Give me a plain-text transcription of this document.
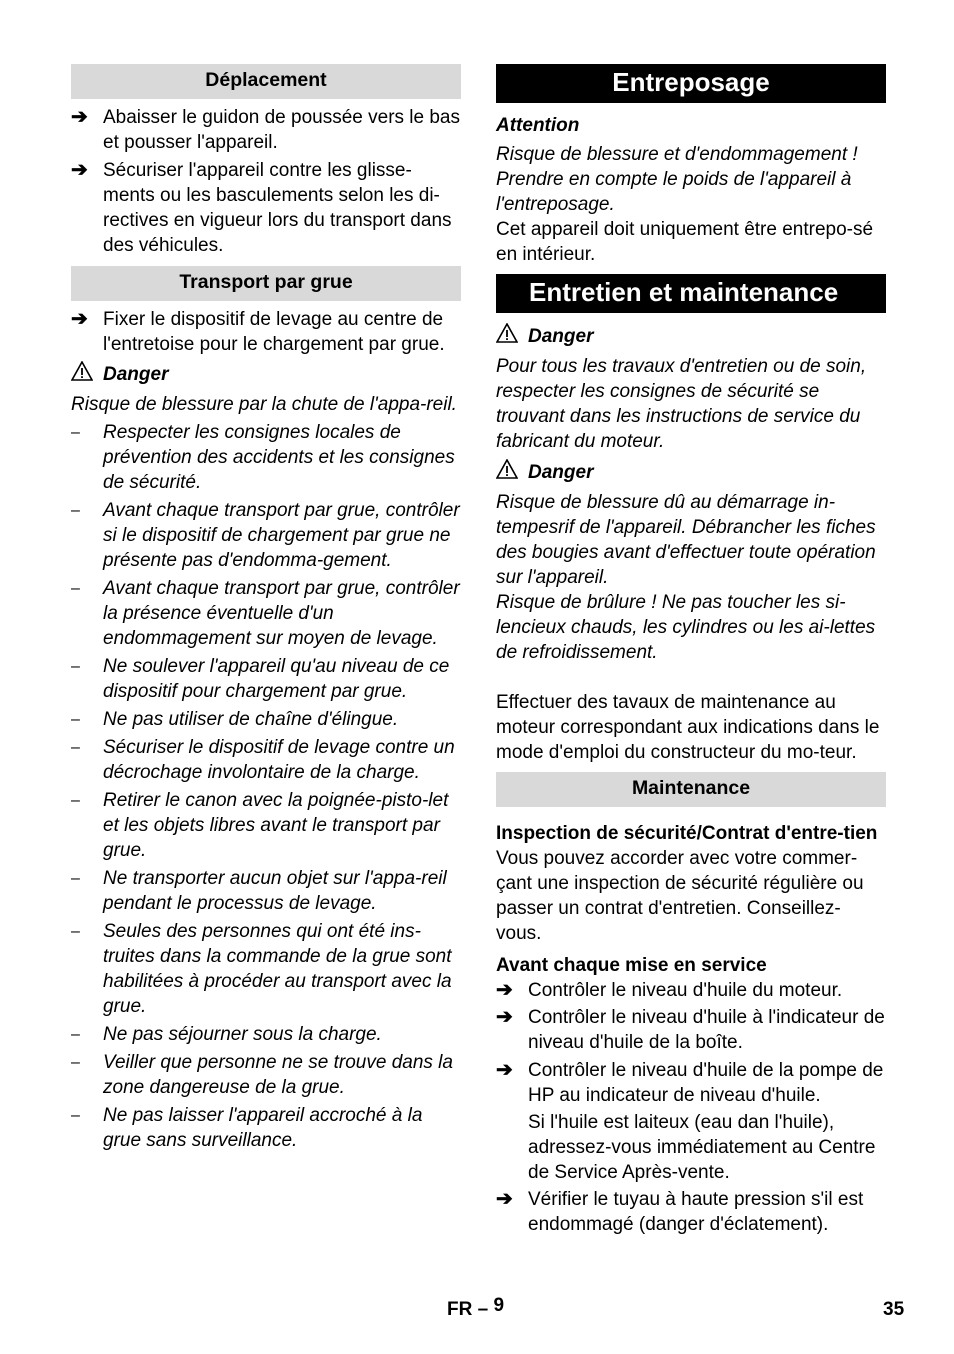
Déplacement
➔ Abaisser le guidon de poussée vers le bas et pousser l'appareil.
➔ Sécuriser l'appareil contre les glisse-ments ou les basculements selon les di-rectives en vigueur lors du transport dans des véhicules.
Transport par grue
➔ Fixer le dispositif de levage au centre de l'entretoise pour le chargement par grue.
Danger
Risque de blessure par la chute de l'appa-reil.
–	Respecter les consignes locales de prévention des accidents et les consignes de sécurité.
–	Avant chaque transport par grue, contrôler si le dispositif de chargement par grue ne présente pas d'endomma-gement.
–	Avant chaque transport par grue, contrôler la présence éventuelle d'un endommagement sur moyen de levage.
–	Ne soulever l'appareil qu'au niveau de ce dispositif pour chargement par grue.
–	Ne pas utiliser de chaîne d'élingue.
–	Sécuriser le dispositif de levage contre un décrochage involontaire de la charge.
–	Retirer le canon avec la poignée-pisto-let et les objets libres avant le transport par grue.
–	Ne transporter aucun objet sur l'appa-reil pendant le processus de levage.
–	Seules des personnes qui ont été ins-truites dans la commande de la grue sont habilitées à procéder au transport avec la grue.
–	Ne pas séjourner sous la charge.
–	Veiller que personne ne se trouve dans la zone dangereuse de la grue.
–	Ne pas laisser l'appareil accroché à la grue sans surveillance.
Entreposage
Attention
Risque de blessure et d'endommagement ! Prendre en compte le poids de l'appareil à l'entreposage.
Cet appareil doit uniquement être entrepo-sé en intérieur.
Entretien et maintenance
Danger
Pour tous les travaux d'entretien ou de soin, respecter les consignes de sécurité se trouvant dans les instructions de service du fabricant du moteur.
Danger
Risque de blessure dû au démarrage in-tempesrif de l'appareil. Débrancher les fiches des bougies avant d'effectuer toute opération sur l'appareil.
Risque de brûlure ! Ne pas toucher les si-lencieux chauds, les cylindres ou les ai-lettes de refroidissement.
Effectuer des tavaux de maintenance au moteur correspondant aux indications dans le mode d'emploi du constructeur du mo-teur.
Maintenance
Inspection de sécurité/Contrat d'entre-tien
Vous pouvez accorder avec votre commer-çant une inspection de sécurité régulière ou passer un contrat d'entretien. Conseillez-vous.
Avant chaque mise en service
➔ Contrôler le niveau d'huile du moteur.
➔ Contrôler le niveau d'huile à l'indicateur de niveau d'huile de la boîte.
➔ Contrôler le niveau d'huile de la pompe de HP au indicateur de niveau d'huile.
Si l'huile est laiteux (eau dan l'huile), adressez-vous immédiatement au Centre de Service Après-vente.
➔ Vérifier le tuyau à haute pression s'il est endommagé (danger d'éclatement).
FR – 9	35
